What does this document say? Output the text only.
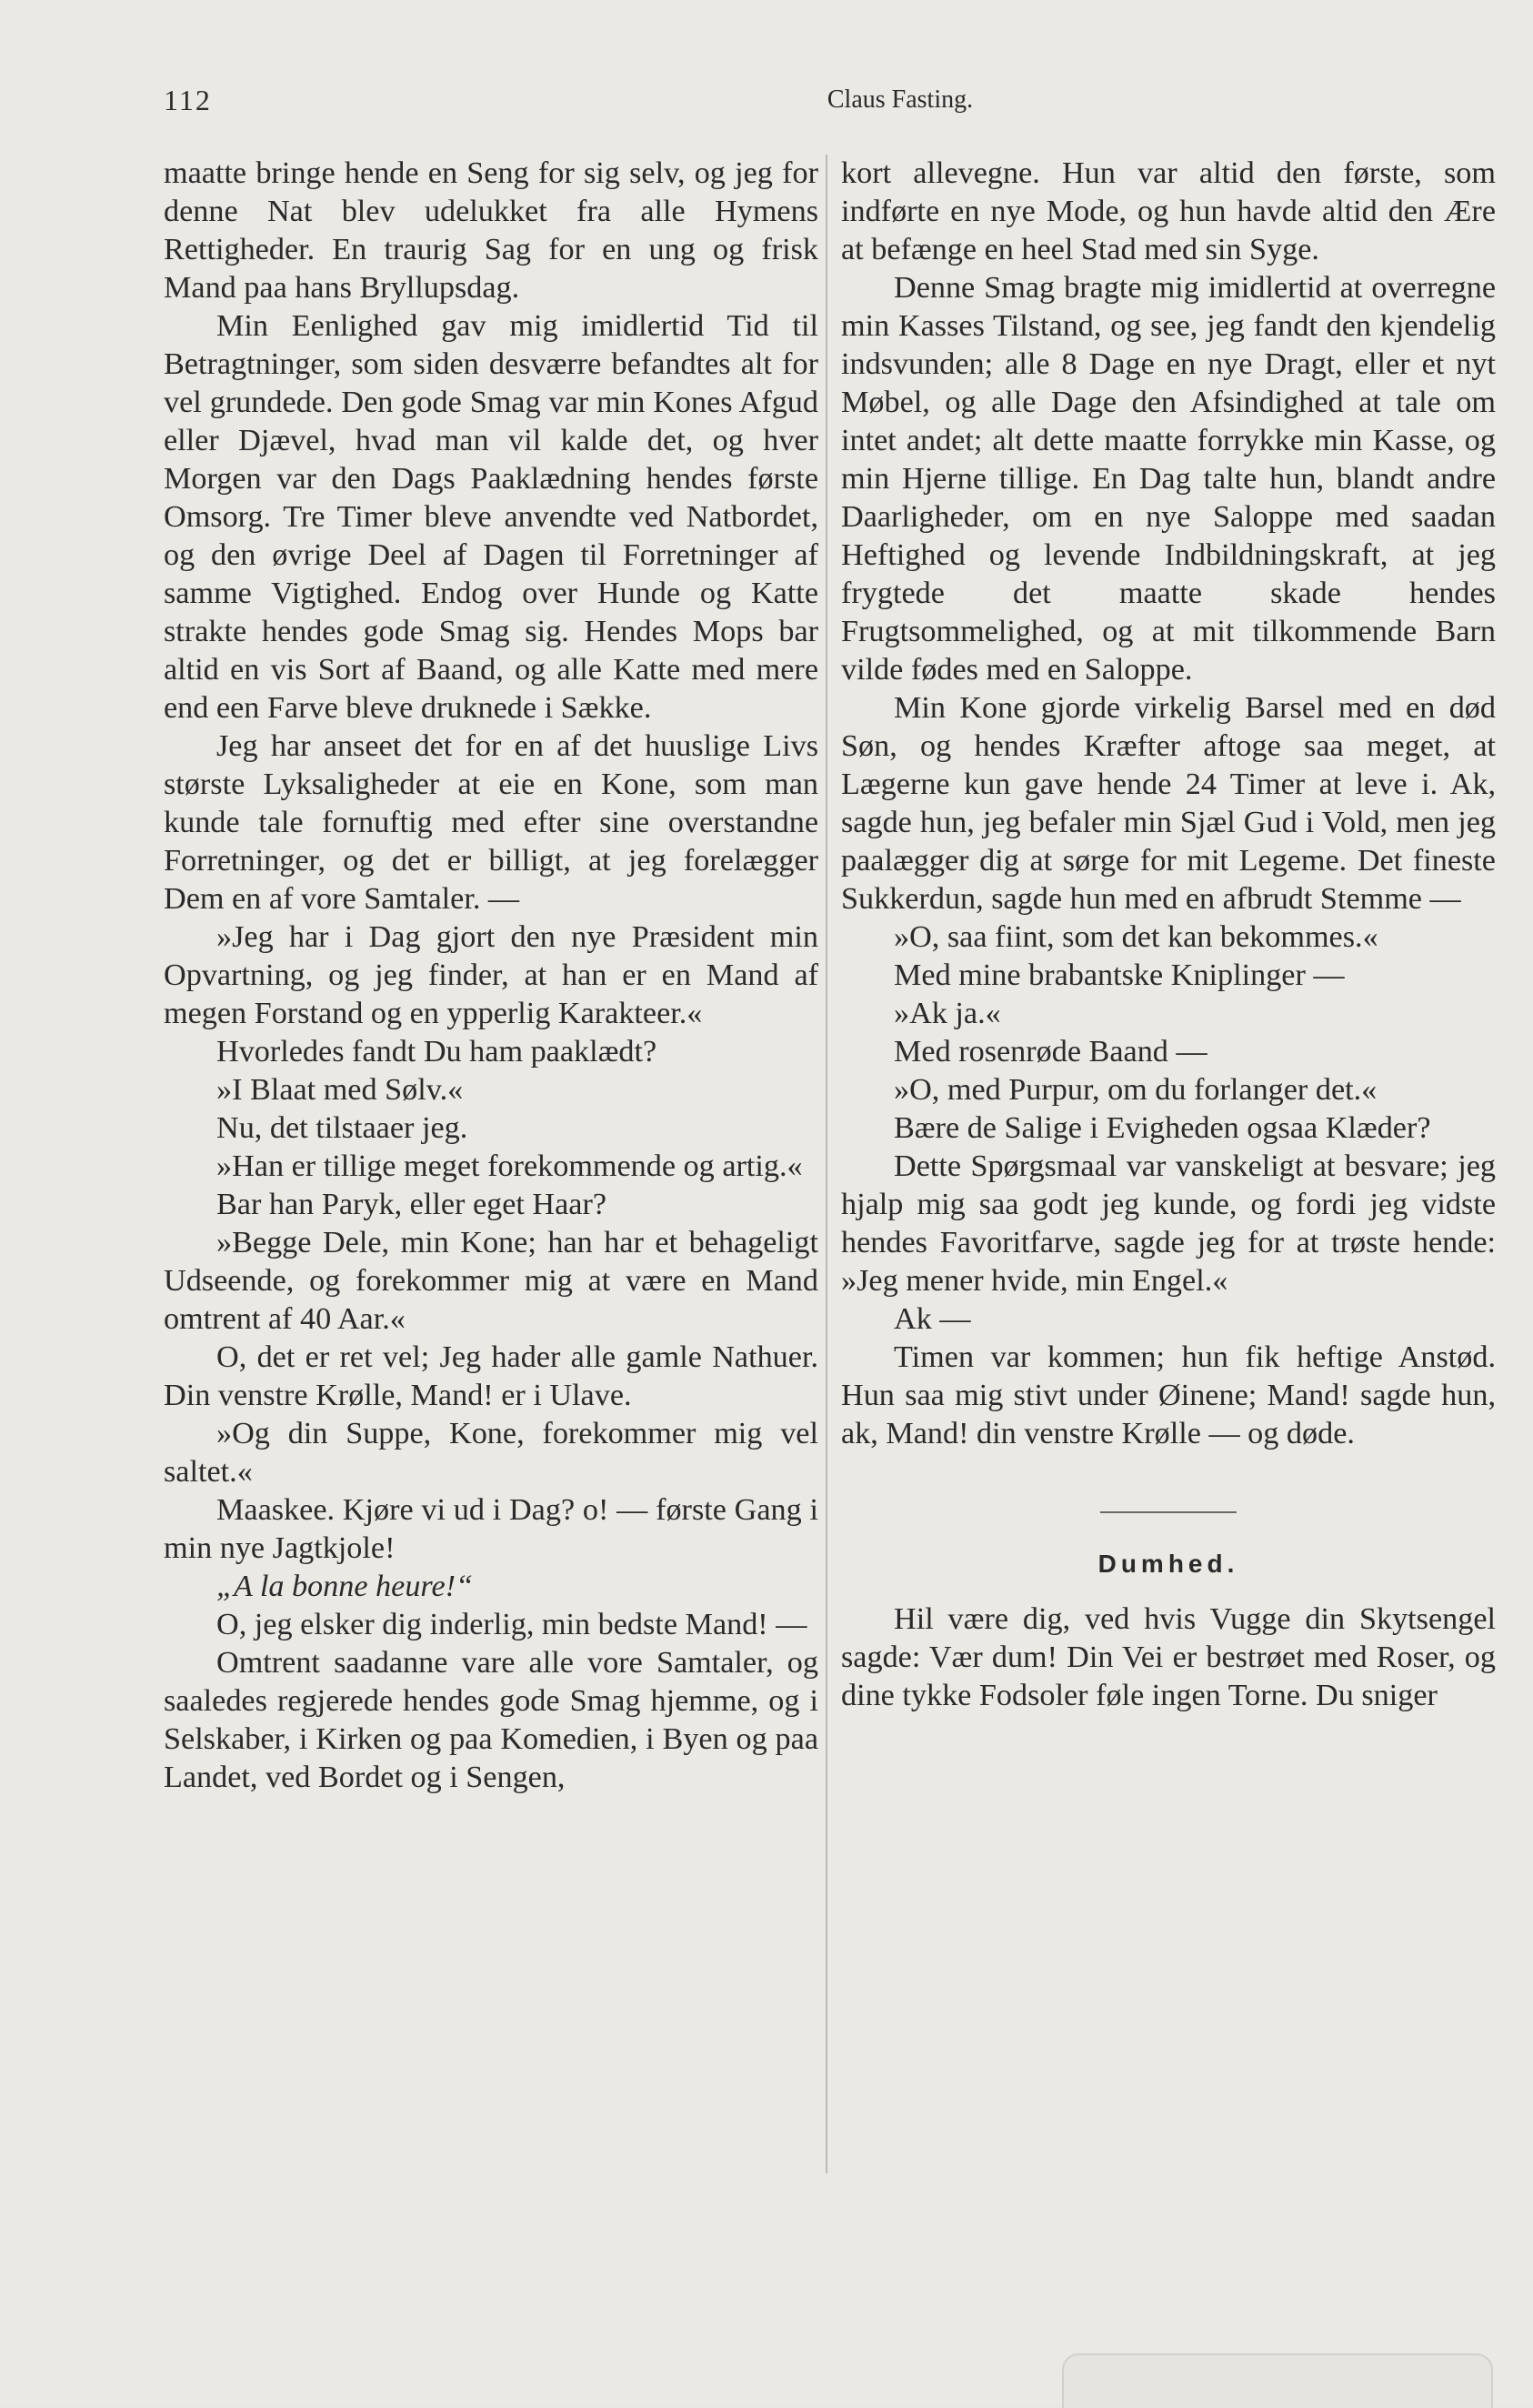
112	Claus Fasting.

maatte bringe hende en Seng for sig selv, og jeg for denne Nat blev udelukket fra alle Hymens Rettigheder. En traurig Sag for en ung og frisk Mand paa hans Bryllupsdag.

Min Eenlighed gav mig imidlertid Tid til Betragtninger, som siden desværre befandtes alt for vel grundede. Den gode Smag var min Kones Afgud eller Djævel, hvad man vil kalde det, og hver Morgen var den Dags Paaklædning hendes første Omsorg. Tre Timer bleve anvendte ved Natbordet, og den øvrige Deel af Dagen til Forretninger af samme Vigtighed. Endog over Hunde og Katte strakte hendes gode Smag sig. Hendes Mops bar altid en vis Sort af Baand, og alle Katte med mere end een Farve bleve druknede i Sække.

Jeg har anseet det for en af det huuslige Livs største Lyksaligheder at eie en Kone, som man kunde tale fornuftig med efter sine overstandne Forretninger, og det er billigt, at jeg forelægger Dem en af vore Samtaler. —

»Jeg har i Dag gjort den nye Præsident min Opvartning, og jeg finder, at han er en Mand af megen Forstand og en ypperlig Karakteer.«

Hvorledes fandt Du ham paaklædt?

»I Blaat med Sølv.«

Nu, det tilstaaer jeg.

»Han er tillige meget forekommende og artig.«

Bar han Paryk, eller eget Haar?

»Begge Dele, min Kone; han har et behageligt Udseende, og forekommer mig at være en Mand omtrent af 40 Aar.«

O, det er ret vel; Jeg hader alle gamle Nathuer. Din venstre Krølle, Mand! er i Ulave.

»Og din Suppe, Kone, forekommer mig vel saltet.«

Maaskee. Kjøre vi ud i Dag? o! — første Gang i min nye Jagtkjole!

„A la bonne heure!“

O, jeg elsker dig inderlig, min bedste Mand! —

Omtrent saadanne vare alle vore Samtaler, og saaledes regjerede hendes gode Smag hjemme, og i Selskaber, i Kirken og paa Komedien, i Byen og paa Landet, ved Bordet og i Sengen,

kort allevegne. Hun var altid den første, som indførte en nye Mode, og hun havde altid den Ære at befænge en heel Stad med sin Syge.

Denne Smag bragte mig imidlertid at overregne min Kasses Tilstand, og see, jeg fandt den kjendelig indsvunden; alle 8 Dage en nye Dragt, eller et nyt Møbel, og alle Dage den Afsindighed at tale om intet andet; alt dette maatte forrykke min Kasse, og min Hjerne tillige. En Dag talte hun, blandt andre Daarligheder, om en nye Saloppe med saadan Heftighed og levende Indbildningskraft, at jeg frygtede det maatte skade hendes Frugtsommelighed, og at mit tilkommende Barn vilde fødes med en Saloppe.

Min Kone gjorde virkelig Barsel med en død Søn, og hendes Kræfter aftoge saa meget, at Lægerne kun gave hende 24 Timer at leve i. Ak, sagde hun, jeg befaler min Sjæl Gud i Vold, men jeg paalægger dig at sørge for mit Legeme. Det fineste Sukkerdun, sagde hun med en afbrudt Stemme —

»O, saa fiint, som det kan bekommes.«

Med mine brabantske Kniplinger —

»Ak ja.«

Med rosenrøde Baand —

»O, med Purpur, om du forlanger det.«

Bære de Salige i Evigheden ogsaa Klæder?

Dette Spørgsmaal var vanskeligt at besvare; jeg hjalp mig saa godt jeg kunde, og fordi jeg vidste hendes Favoritfarve, sagde jeg for at trøste hende: »Jeg mener hvide, min Engel.«

Ak —

Timen var kommen; hun fik heftige Anstød. Hun saa mig stivt under Øinene; Mand! sagde hun, ak, Mand! din venstre Krølle — og døde.

Dumhed.

Hil være dig, ved hvis Vugge din Skytsengel sagde: Vær dum! Din Vei er bestrøet med Roser, og dine tykke Fodsoler føle ingen Torne. Du sniger
